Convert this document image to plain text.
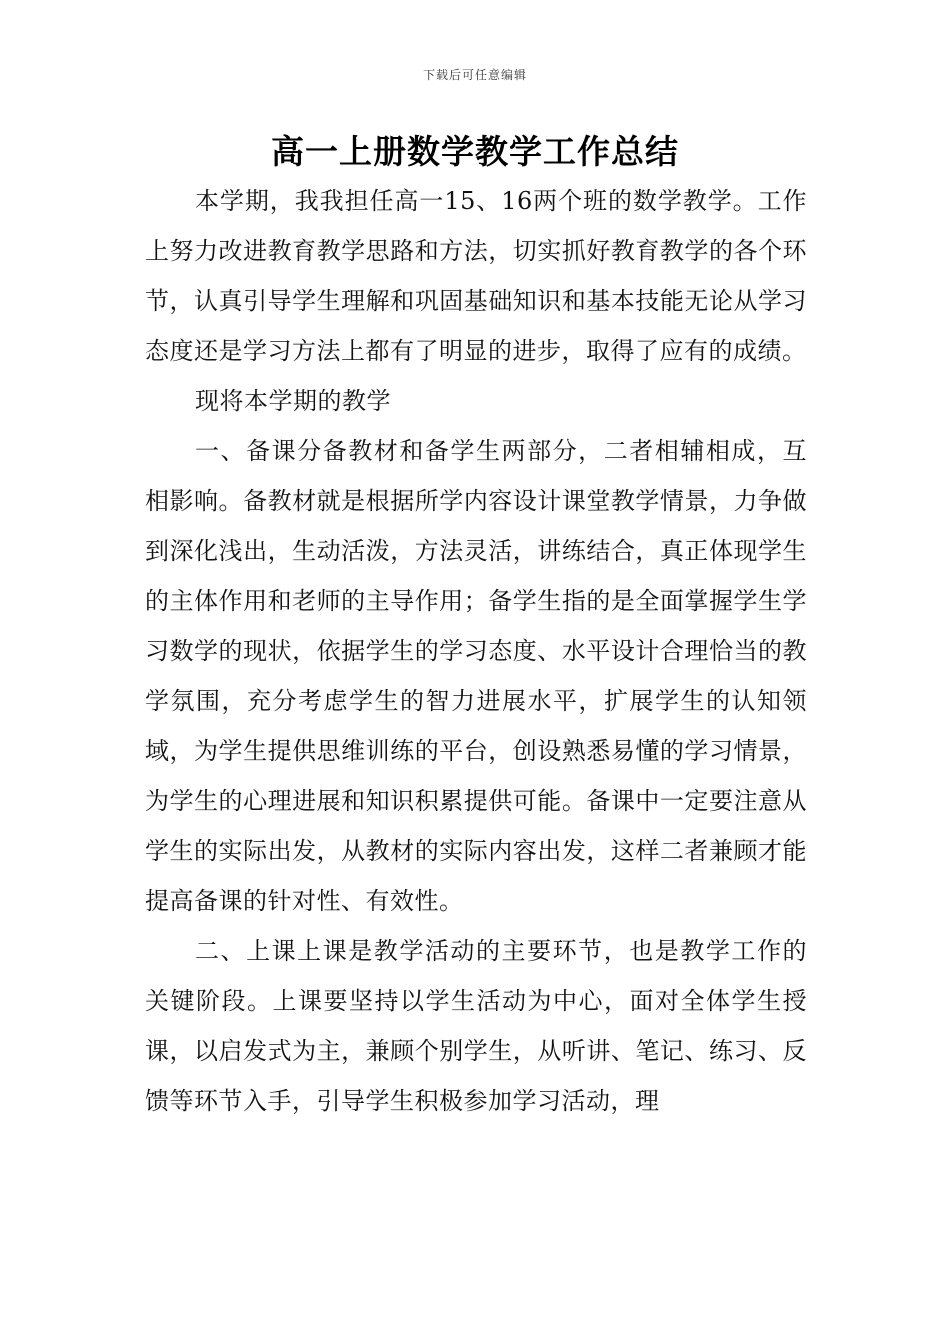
下载后可任意编辑
高一上册数学教学工作总结

本学期，我我担任高一15、16两个班的数学教学。工作上努力改进教育教学思路和方法，切实抓好教育教学的各个环节，认真引导学生理解和巩固基础知识和基本技能无论从学习态度还是学习方法上都有了明显的进步，取得了应有的成绩。

现将本学期的教学

一、备课分备教材和备学生两部分，二者相辅相成，互相影响。备教材就是根据所学内容设计课堂教学情景，力争做到深化浅出，生动活泼，方法灵活，讲练结合，真正体现学生的主体作用和老师的主导作用；备学生指的是全面掌握学生学习数学的现状，依据学生的学习态度、水平设计合理恰当的教学氛围，充分考虑学生的智力进展水平，扩展学生的认知领域，为学生提供思维训练的平台，创设熟悉易懂的学习情景，为学生的心理进展和知识积累提供可能。备课中一定要注意从学生的实际出发，从教材的实际内容出发，这样二者兼顾才能提高备课的针对性、有效性。

二、上课上课是教学活动的主要环节，也是教学工作的关键阶段。上课要坚持以学生活动为中心，面对全体学生授课，以启发式为主，兼顾个别学生，从听讲、笔记、练习、反馈等环节入手，引导学生积极参加学习活动，理
